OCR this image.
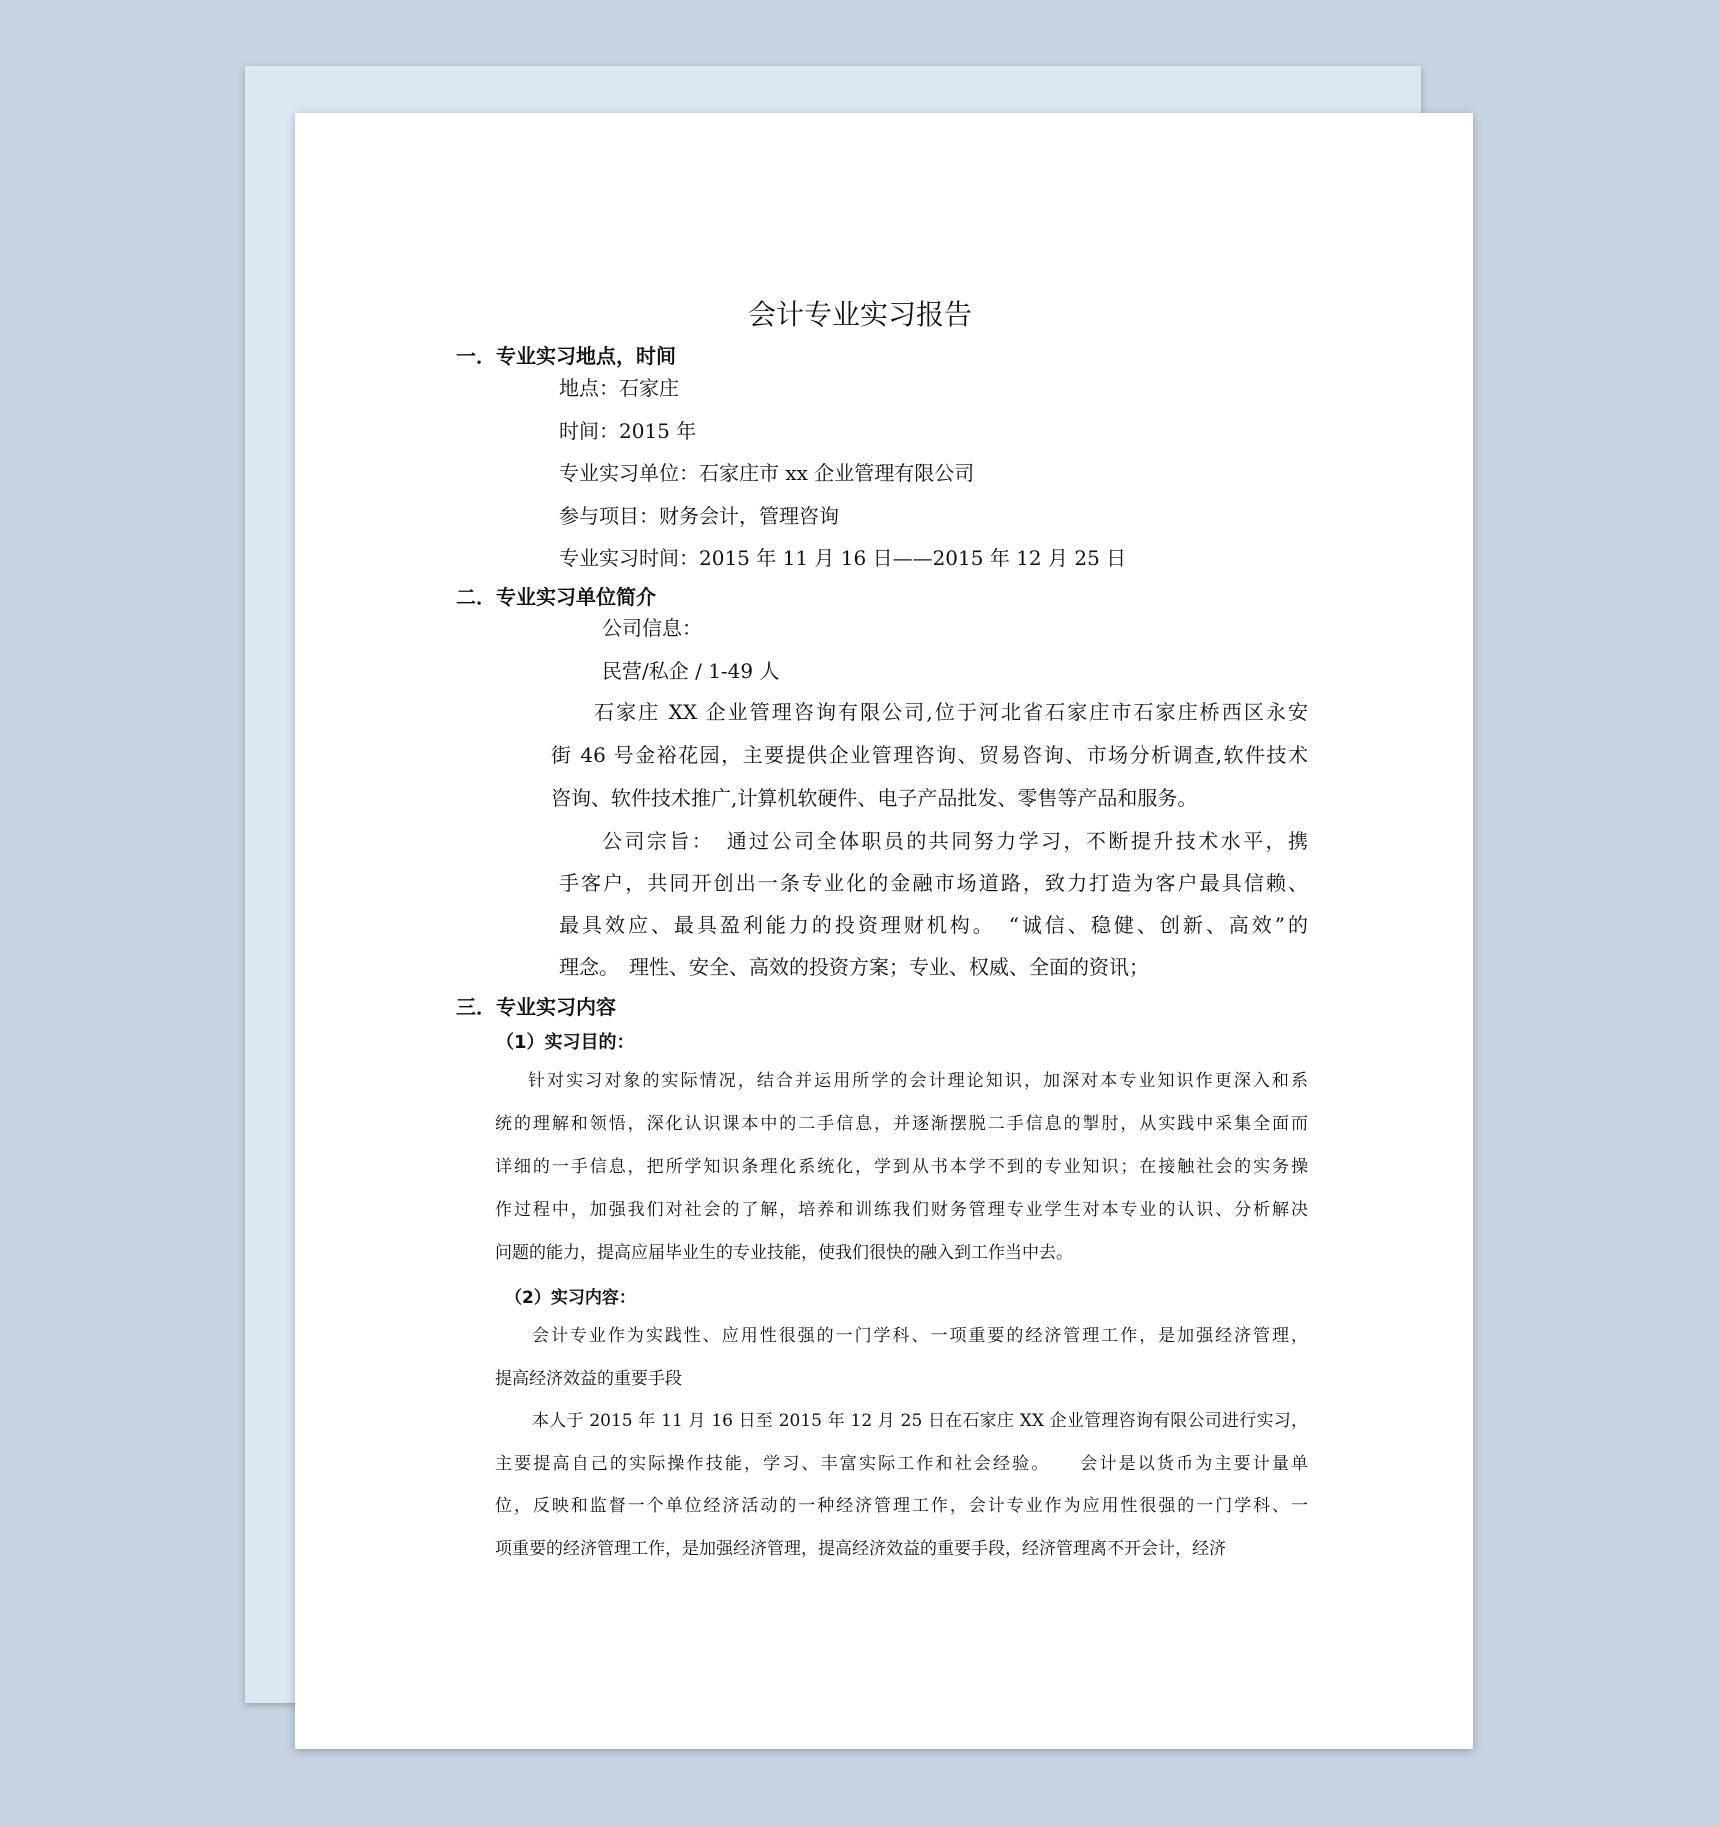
会计专业实习报告
一．专业实习地点，时间
地点：石家庄
时间：2015 年
专业实习单位：石家庄市 xx 企业管理有限公司
参与项目：财务会计，管理咨询
专业实习时间：2015 年 11 月 16 日——2015 年 12 月 25 日
二．专业实习单位简介
公司信息：
民营/私企 / 1-49 人
石家庄 XX 企业管理咨询有限公司,位于河北省石家庄市石家庄桥西区永安
街 46 号金裕花园，主要提供企业管理咨询、贸易咨询、市场分析调查,软件技术
咨询、软件技术推广,计算机软硬件、电子产品批发、零售等产品和服务。
公司宗旨：　通过公司全体职员的共同努力学习，不断提升技术水平，携
手客户，共同开创出一条专业化的金融市场道路，致力打造为客户最具信赖、
最具效应、最具盈利能力的投资理财机构。　“诚信、稳健、创新、高效”的
理念。　理性、安全、高效的投资方案；专业、权威、全面的资讯；
三．专业实习内容
（1）实习目的：
针对实习对象的实际情况，结合并运用所学的会计理论知识，加深对本专业知识作更深入和系
统的理解和领悟，深化认识课本中的二手信息，并逐渐摆脱二手信息的掣肘，从实践中采集全面而
详细的一手信息，把所学知识条理化系统化，学到从书本学不到的专业知识；在接触社会的实务操
作过程中，加强我们对社会的了解，培养和训练我们财务管理专业学生对本专业的认识、分析解决
问题的能力，提高应届毕业生的专业技能，使我们很快的融入到工作当中去。
（2）实习内容：
会计专业作为实践性、应用性很强的一门学科、一项重要的经济管理工作，是加强经济管理，
提高经济效益的重要手段
本人于 2015 年 11 月 16 日至 2015 年 12 月 25 日在石家庄 XX 企业管理咨询有限公司进行实习，
主要提高自己的实际操作技能，学习、丰富实际工作和社会经验。　　会计是以货币为主要计量单
位，反映和监督一个单位经济活动的一种经济管理工作，会计专业作为应用性很强的一门学科、一
项重要的经济管理工作，是加强经济管理，提高经济效益的重要手段，经济管理离不开会计，经济
